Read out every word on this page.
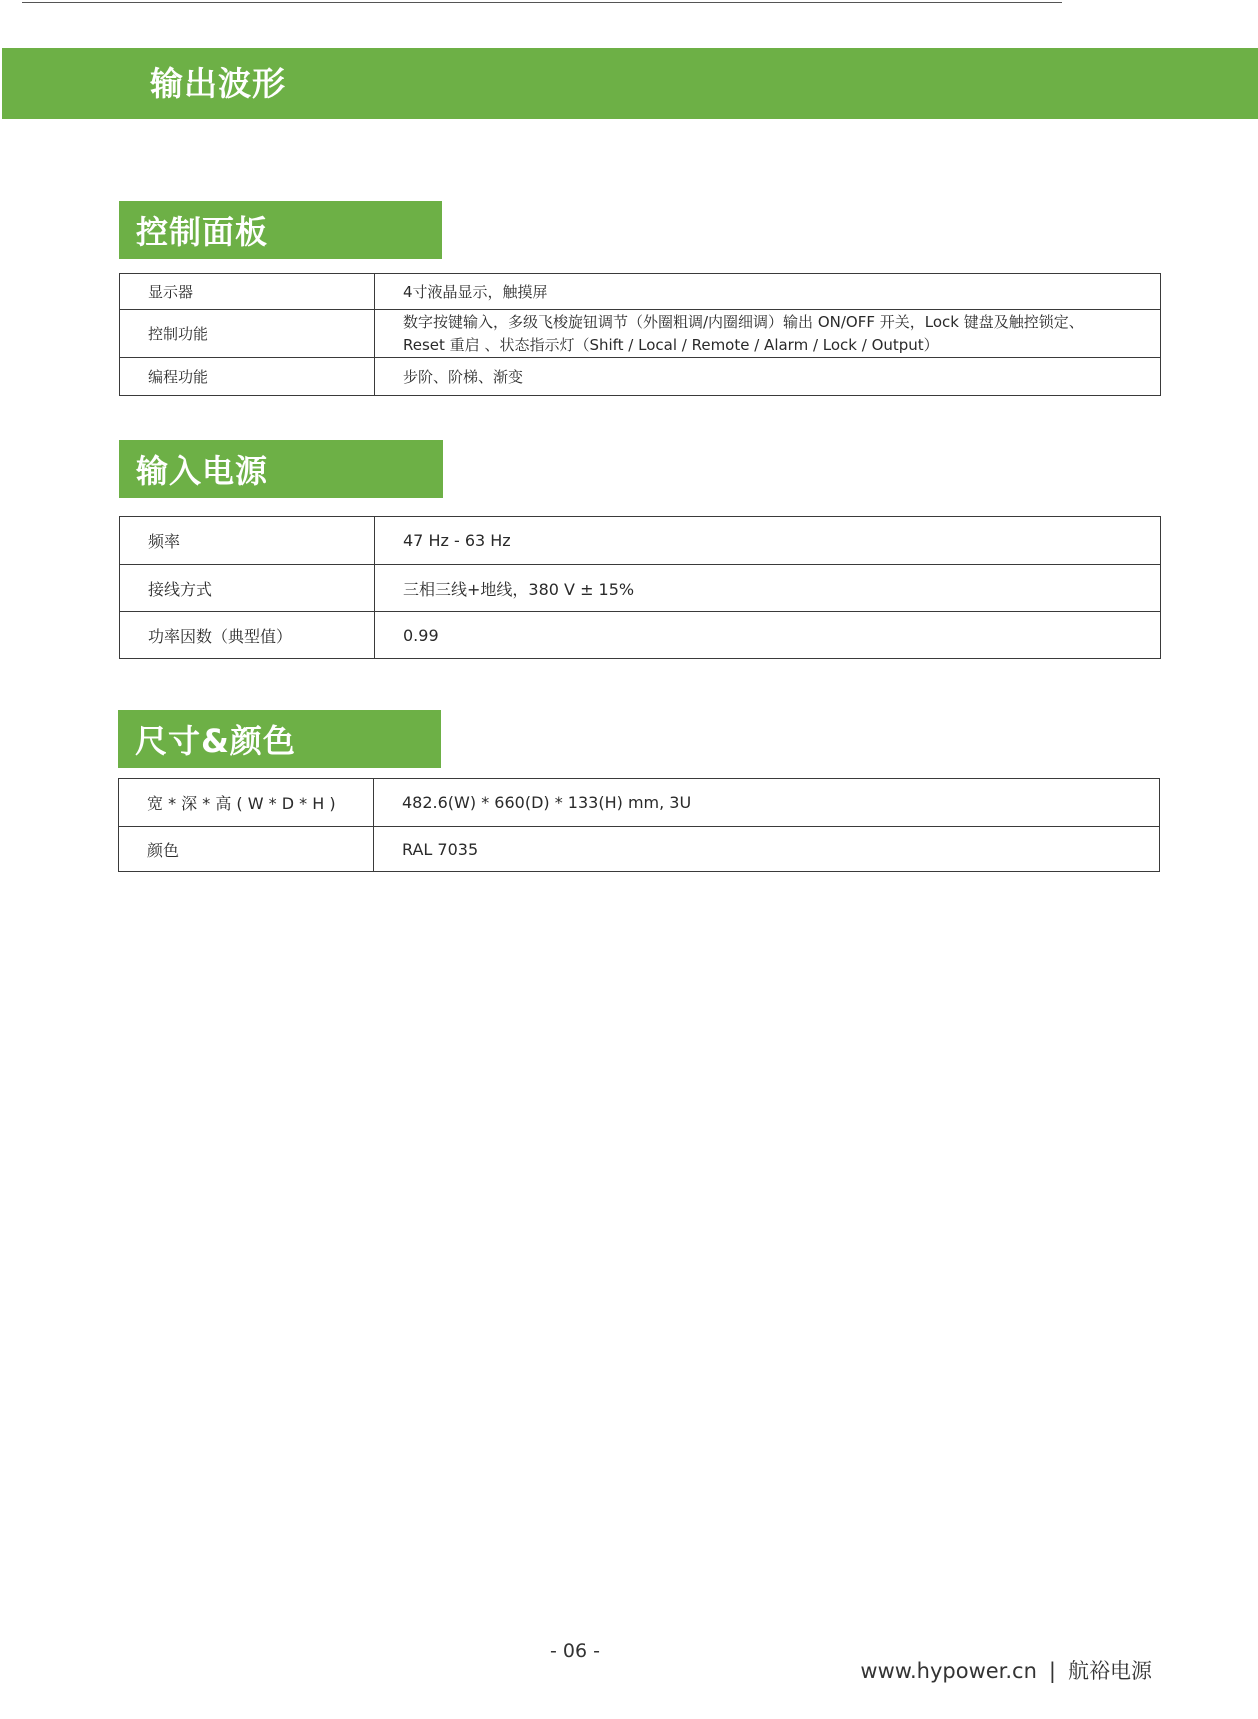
输出波形
控制面板
显示器	4寸液晶显示，触摸屏
控制功能	数字按键输入，多级飞梭旋钮调节（外圈粗调/内圈细调）输出 ON/OFF 开关，Lock 键盘及触控锁定、
Reset 重启 、状态指示灯（Shift / Local / Remote / Alarm / Lock / Output）

编程功能	步阶、阶梯、渐变
输入电源
频率	47 Hz - 63 Hz
接线方式	三相三线+地线，380 V ± 15%
功率因数（典型值）	0.99
尺寸&颜色
宽 * 深 * 高 ( W * D * H )	482.6(W) * 660(D) * 133(H) mm, 3U
颜色	RAL 7035
- 06 -
www.hypower.cn | 航裕电源
